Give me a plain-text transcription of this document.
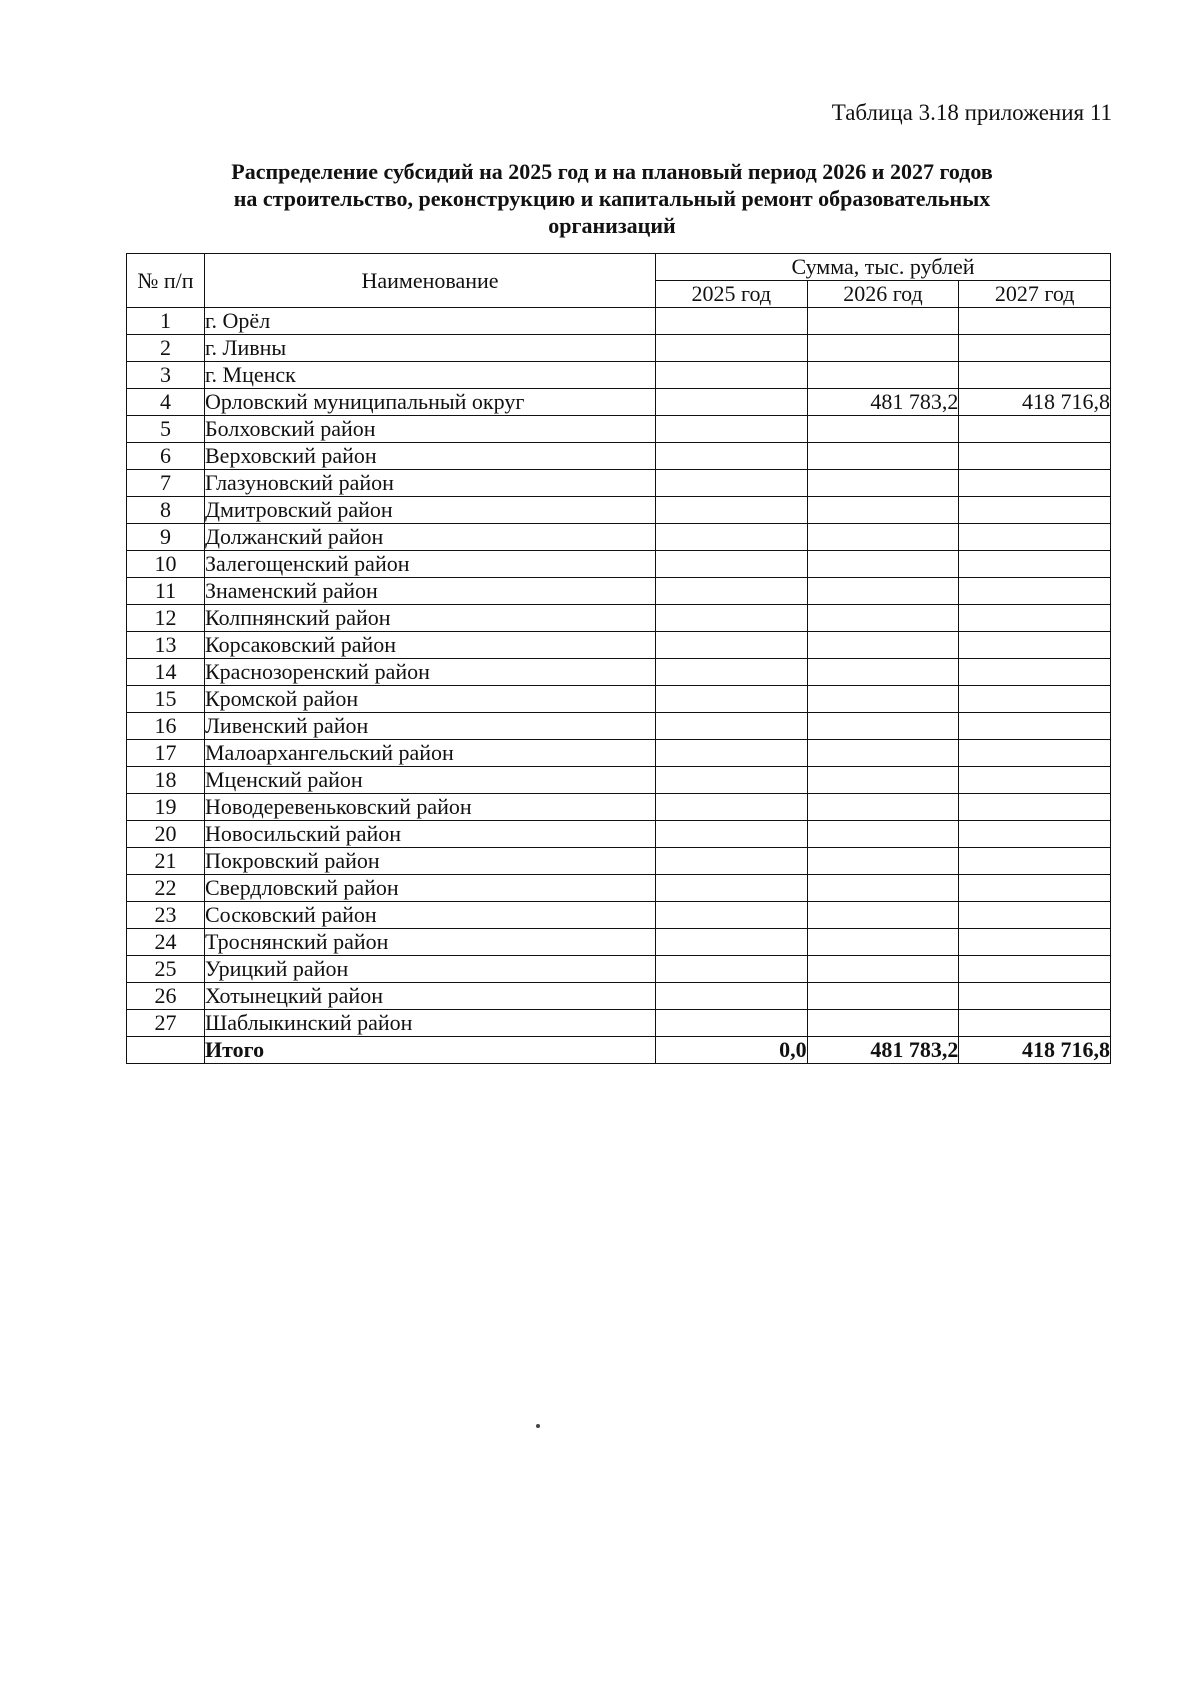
Таблица 3.18 приложения 11
Распределение субсидий на 2025 год и на плановый период 2026 и 2027 годов
на строительство, реконструкцию и капитальный ремонт образовательных
организаций
№ п/п	Наименование	Сумма, тыс. рублей		
		2025 год	2026 год	2027 год
1	г. Орёл			
2	г. Ливны			
3	г. Мценск			
4	Орловский муниципальный округ		481 783,2	418 716,8
5	Болховский район			
6	Верховский район			
7	Глазуновский район			
8	Дмитровский район			
9	Должанский район			
10	Залегощенский район			
11	Знаменский район			
12	Колпнянский район			
13	Корсаковский район			
14	Краснозоренский район			
15	Кромской район			
16	Ливенский район			
17	Малоархангельский район			
18	Мценский район			
19	Новодеревеньковский район			
20	Новосильский район			
21	Покровский район			
22	Свердловский район			
23	Сосковский район			
24	Троснянский район			
25	Урицкий район			
26	Хотынецкий район			
27	Шаблыкинский район			
	Итого	0,0	481 783,2	418 716,8
